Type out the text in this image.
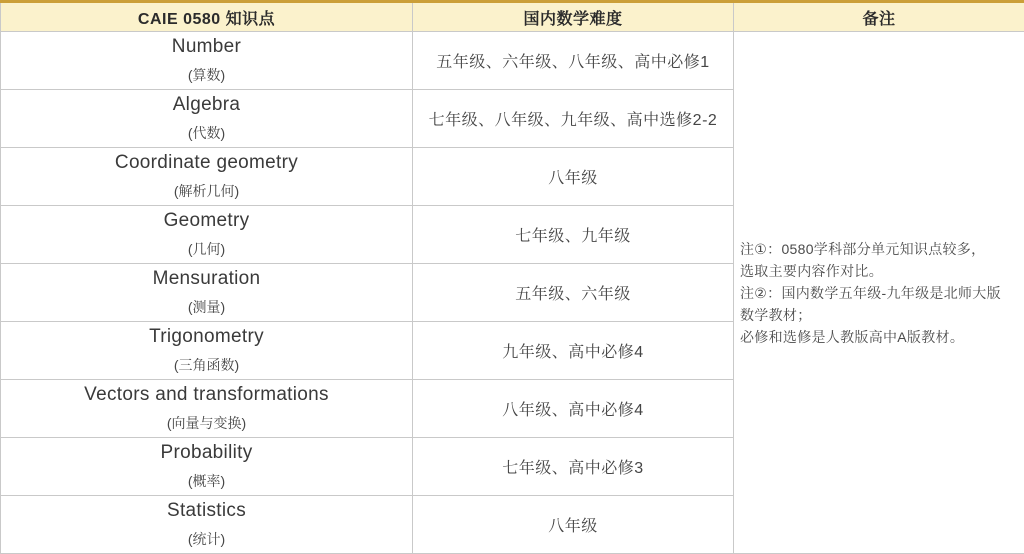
CAIE 0580 知识点	国内数学难度	备注

Number
(算数)
	五年级、六年级、八年级、高中必修1	
注①：0580学科部分单元知识点较多，
选取主要内容作对比。
注②：国内数学五年级-九年级是北师大版
数学教材；
必修和选修是人教版高中A版教材。

Algebra
(代数)	七年级、八年级、九年级、高中选修2-2	

Coordinate geometry
(解析几何)	八年级	

Geometry
(几何)	七年级、九年级	

Mensuration
(测量)	五年级、六年级	

Trigonometry
(三角函数)	九年级、高中必修4	

Vectors and transformations
(向量与变换)	八年级、高中必修4	

Probability
(概率)	七年级、高中必修3	

Statistics
(统计)	八年级	
